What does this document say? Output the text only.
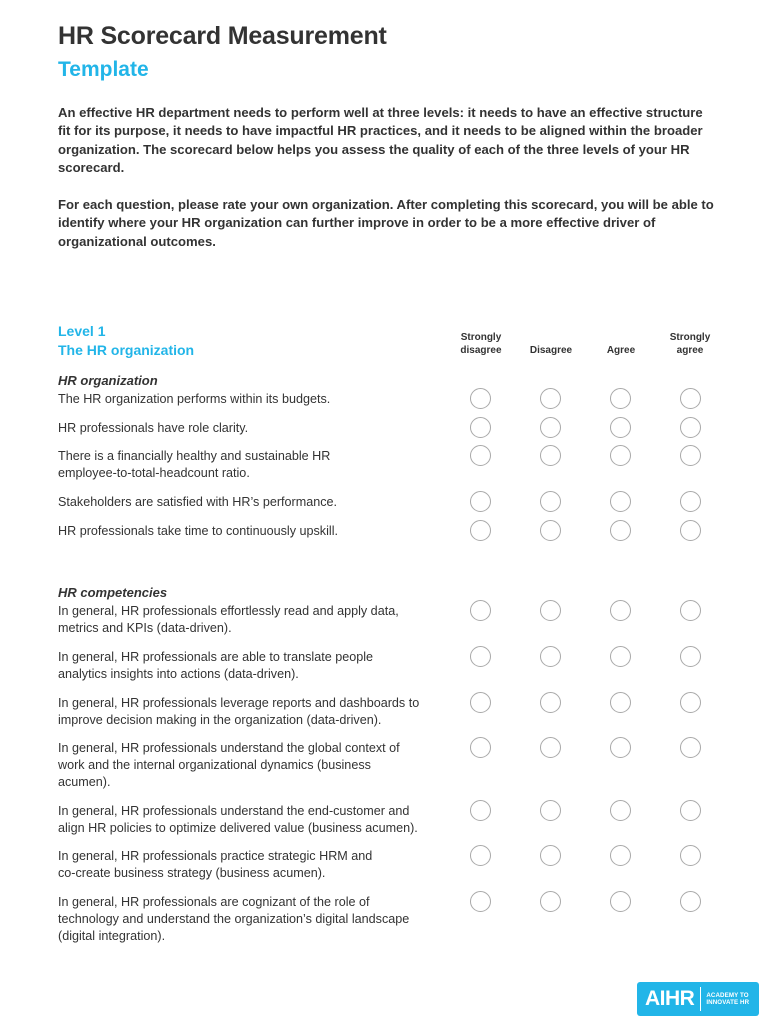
HR Scorecard Measurement
Template

An effective HR department needs to perform well at three levels: it needs to have an effective structure fit for its purpose, it needs to have impactful HR practices, and it needs to be aligned within the broader organization. The scorecard below helps you assess the quality of each of the three levels of your HR scorecard.

For each question, please rate your own organization. After completing this scorecard, you will be able to identify where your HR organization can further improve in order to be a more effective driver of organizational outcomes.

Level 1
The HR organization
Strongly
disagree	Disagree	Agree
Strongly
agree
HR organization
The HR organization performs within its budgets.
HR professionals have role clarity.
There is a financially healthy and sustainable HR
employee-to-total-headcount ratio.
Stakeholders are satisfied with HR’s performance.
HR professionals take time to continuously upskill.
HR competencies
In general, HR professionals effortlessly read and apply data,
metrics and KPIs (data-driven).
In general, HR professionals are able to translate people
analytics insights into actions (data-driven).
In general, HR professionals leverage reports and dashboards to
improve decision making in the organization (data-driven).
In general, HR professionals understand the global context of
work and the internal organizational dynamics (business
acumen).
In general, HR professionals understand the end-customer and
align HR policies to optimize delivered value (business acumen).
In general, HR professionals practice strategic HRM and
co-create business strategy (business acumen).
In general, HR professionals are cognizant of the role of
technology and understand the organization’s digital landscape
(digital integration).
AIHR ACADEMY TO
INNOVATE HR
